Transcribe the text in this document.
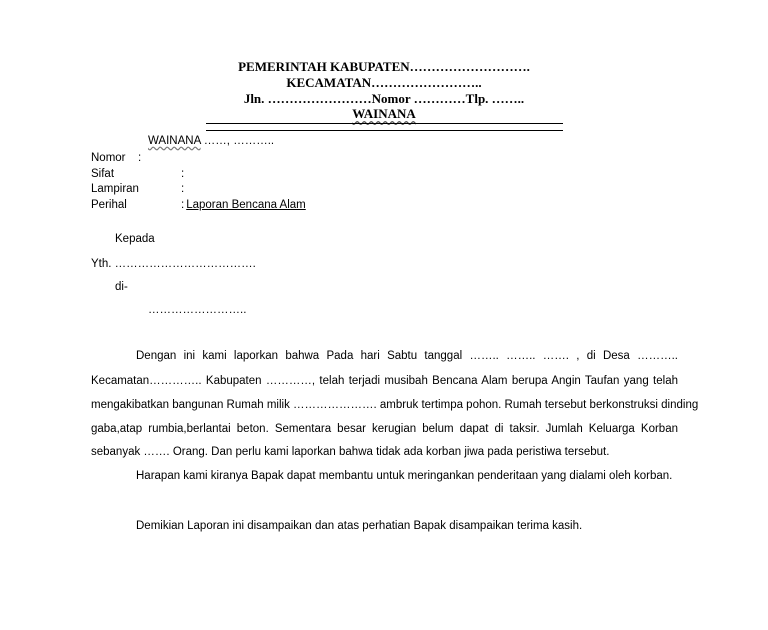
PEMERINTAH KABUPATEN……………………….
KECAMATAN……………………..
Jln. ……………………Nomor …………Tlp. ……..
WAINANA
WAINANA ……, ………..
Nomor :
Sifat	:
Lampiran	:
Perihal	: Laporan Bencana Alam
Kepada
Yth. ……………………………….
di-
……………………..
Dengan ini kami laporkan bahwa Pada hari Sabtu tanggal …….. …….. ……. , di Desa ………..
Kecamatan………….. Kabupaten …………, telah terjadi musibah Bencana Alam berupa Angin Taufan yang telah
mengakibatkan bangunan Rumah milik …………………. ambruk tertimpa pohon. Rumah tersebut berkonstruksi dinding
gaba,atap rumbia,berlantai beton. Sementara besar kerugian belum dapat di taksir. Jumlah Keluarga Korban
sebanyak ……. Orang. Dan perlu kami laporkan bahwa tidak ada korban jiwa pada peristiwa tersebut.
Harapan kami kiranya Bapak dapat membantu untuk meringankan penderitaan yang dialami oleh korban.
Demikian Laporan ini disampaikan dan atas perhatian Bapak disampaikan terima kasih.
